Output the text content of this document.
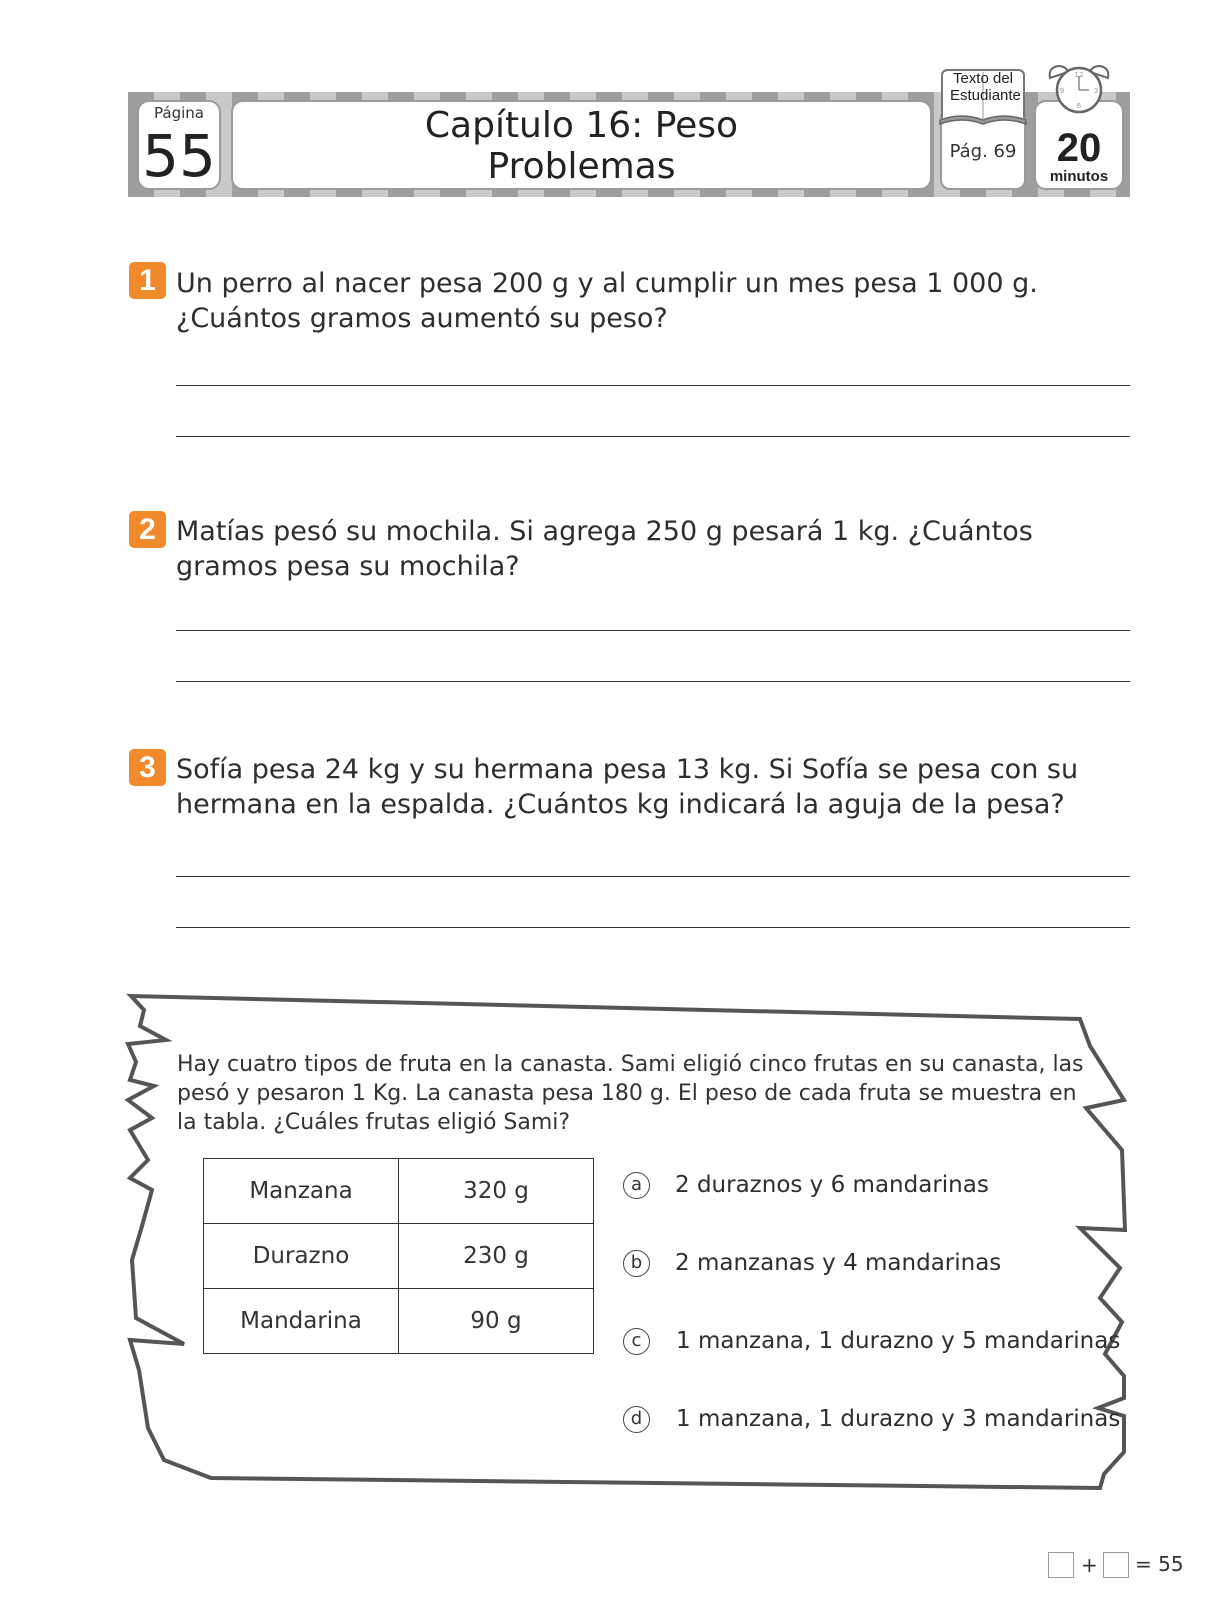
Página
55	Capítulo 16: Peso
Problemas
Texto del Estudiante
Pág. 69
12
3
6
9
20
minutos
1 Un perro al nacer pesa 200 g y al cumplir un mes pesa 1 000 g. ¿Cuántos gramos aumentó su peso?
2 Matías pesó su mochila. Si agrega 250 g pesará 1 kg. ¿Cuántos gramos pesa su mochila?
3 Sofía pesa 24 kg y su hermana pesa 13 kg. Si Sofía se pesa con su hermana en la espalda. ¿Cuántos kg indicará la aguja de la pesa?
Hay cuatro tipos de fruta en la canasta. Sami eligió cinco frutas en su canasta, las pesó y pesaron 1 Kg. La canasta pesa 180 g. El peso de cada fruta se muestra en la tabla. ¿Cuáles frutas eligió Sami?
Manzana	320 g
Durazno	230 g
Mandarina	90 g
a	2 duraznos y 6 mandarinas
b	2 manzanas y 4 mandarinas
c	1 manzana, 1 durazno y 5 mandarinas
d	1 manzana, 1 durazno y 3 mandarinas
+ = 55
